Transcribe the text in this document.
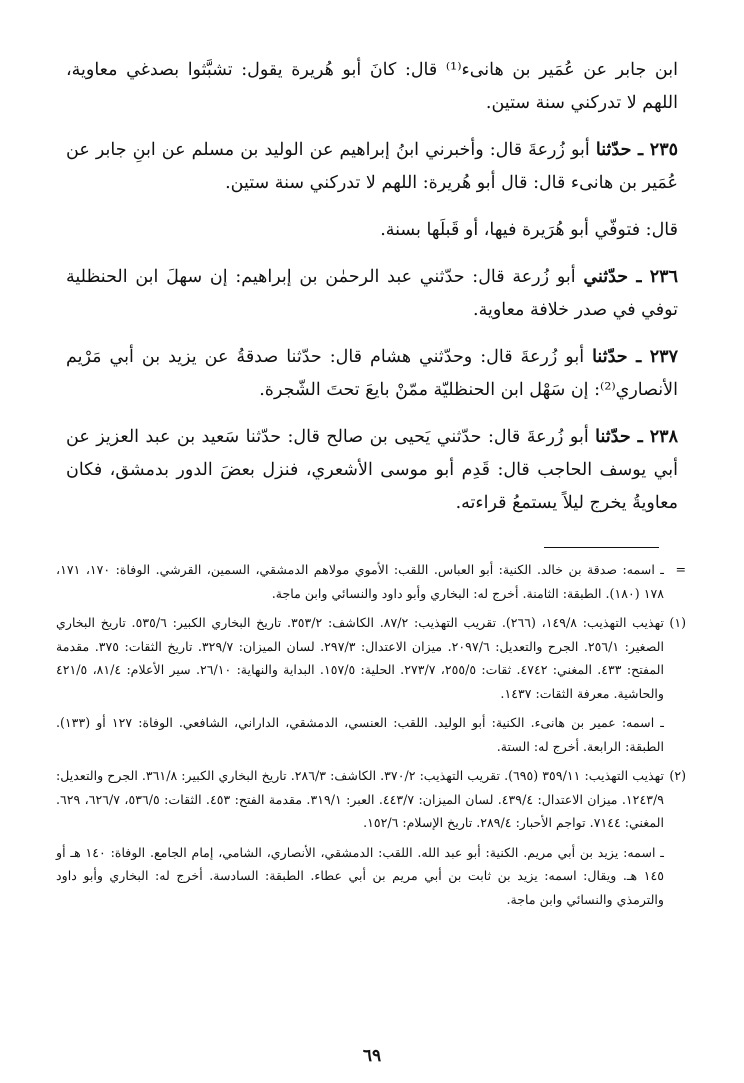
ابن جابر عن عُمَير بن هانىء⁽¹⁾ قال: كانَ أبو هُريرة يقول: تشبَّثوا بصدغي معاوية، اللهم لا تدركني سنة ستين.

٢٣٥ ـ حدّثنا أبو زُرعةَ قال: وأخبرني ابنُ إبراهيم عن الوليد بن مسلم عن ابنِ جابر عن عُمَير بن هانىء قال: قال أبو هُريرة: اللهم لا تدركني سنة ستين.

قال: فتوفّي أبو هُرَيرة فيها، أو قَبلَها بسنة.

٢٣٦ ـ حدّثني أبو زُرعة قال: حدّثني عبد الرحمٰن بن إبراهيم: إن سهلَ ابن الحنظلية توفي في صدر خلافة معاوية.

٢٣٧ ـ حدّثنا أبو زُرعةَ قال: وحدّثني هشام قال: حدّثنا صدقةُ عن يزيد بن أبي مَرْيم الأنصاري⁽²⁾: إن سَهْل ابن الحنظليّة ممّنْ بايعَ تحتَ الشّجرة.

٢٣٨ ـ حدّثنا أبو زُرعةَ قال: حدّثني يَحيى بن صالح قال: حدّثنا سَعيد بن عبد العزيز عن أبي يوسف الحاجب قال: قَدِم أبو موسى الأشعري، فنزل بعضَ الدور بدمشق، فكان معاويةُ يخرج ليلاً يستمعُ قراءته.

=
ـ اسمه: صدقة بن خالد. الكنية: أبو العباس. اللقب: الأموي مولاهم الدمشقي، السمين، القرشي. الوفاة: ١٧٠، ١٧١، ١٧٨ (١٨٠). الطبقة: الثامنة. أخرج له: البخاري وأبو داود والنسائي وابن ماجة.
(١)
تهذيب التهذيب: ١٤٩/٨، (٢٦٦). تقريب التهذيب: ٨٧/٢. الكاشف: ٣٥٣/٢. تاريخ البخاري الكبير: ٥٣٥/٦. تاريخ البخاري الصغير: ٢٥٦/١. الجرح والتعديل: ٢٠٩٧/٦. ميزان الاعتدال: ٢٩٧/٣. لسان الميزان: ٣٢٩/٧. تاريخ الثقات: ٣٧٥. مقدمة المفتح: ٤٣٣. المغني: ٤٧٤٢. ثقات: ٢٥٥/٥، ٢٧٣/٧. الحلية: ١٥٧/٥. البداية والنهاية: ٢٦/١٠. سير الأعلام: ٨١/٤، ٤٢١/٥ والحاشية. معرفة الثقات: ١٤٣٧.
ـ اسمه: عمير بن هانىء. الكنية: أبو الوليد. اللقب: العنسي، الدمشقي، الداراني، الشافعي. الوفاة: ١٢٧ أو (١٣٣). الطبقة: الرابعة. أخرج له: الستة.
(٢)
تهذيب التهذيب: ٣٥٩/١١ (٦٩٥). تقريب التهذيب: ٣٧٠/٢. الكاشف: ٢٨٦/٣. تاريخ البخاري الكبير: ٣٦١/٨. الجرح والتعديل: ١٢٤٣/٩. ميزان الاعتدال: ٤٣٩/٤. لسان الميزان: ٤٤٣/٧. العبر: ٣١٩/١. مقدمة الفتح: ٤٥٣. الثقات: ٥٣٦/٥، ٦٢٦/٧، ٦٢٩. المغني: ٧١٤٤. تواجم الأحبار: ٢٨٩/٤. تاريخ الإسلام: ١٥٢/٦.
ـ اسمه: يزيد بن أبي مريم. الكنية: أبو عبد الله. اللقب: الدمشقي، الأنصاري، الشامي، إمام الجامع. الوفاة: ١٤٠ هـ أو ١٤٥ هـ. ويقال: اسمه: يزيد بن ثابت بن أبي مريم بن أبي عطاء. الطبقة: السادسة. أخرج له: البخاري وأبو داود والترمذي والنسائي وابن ماجة.
٦٩
